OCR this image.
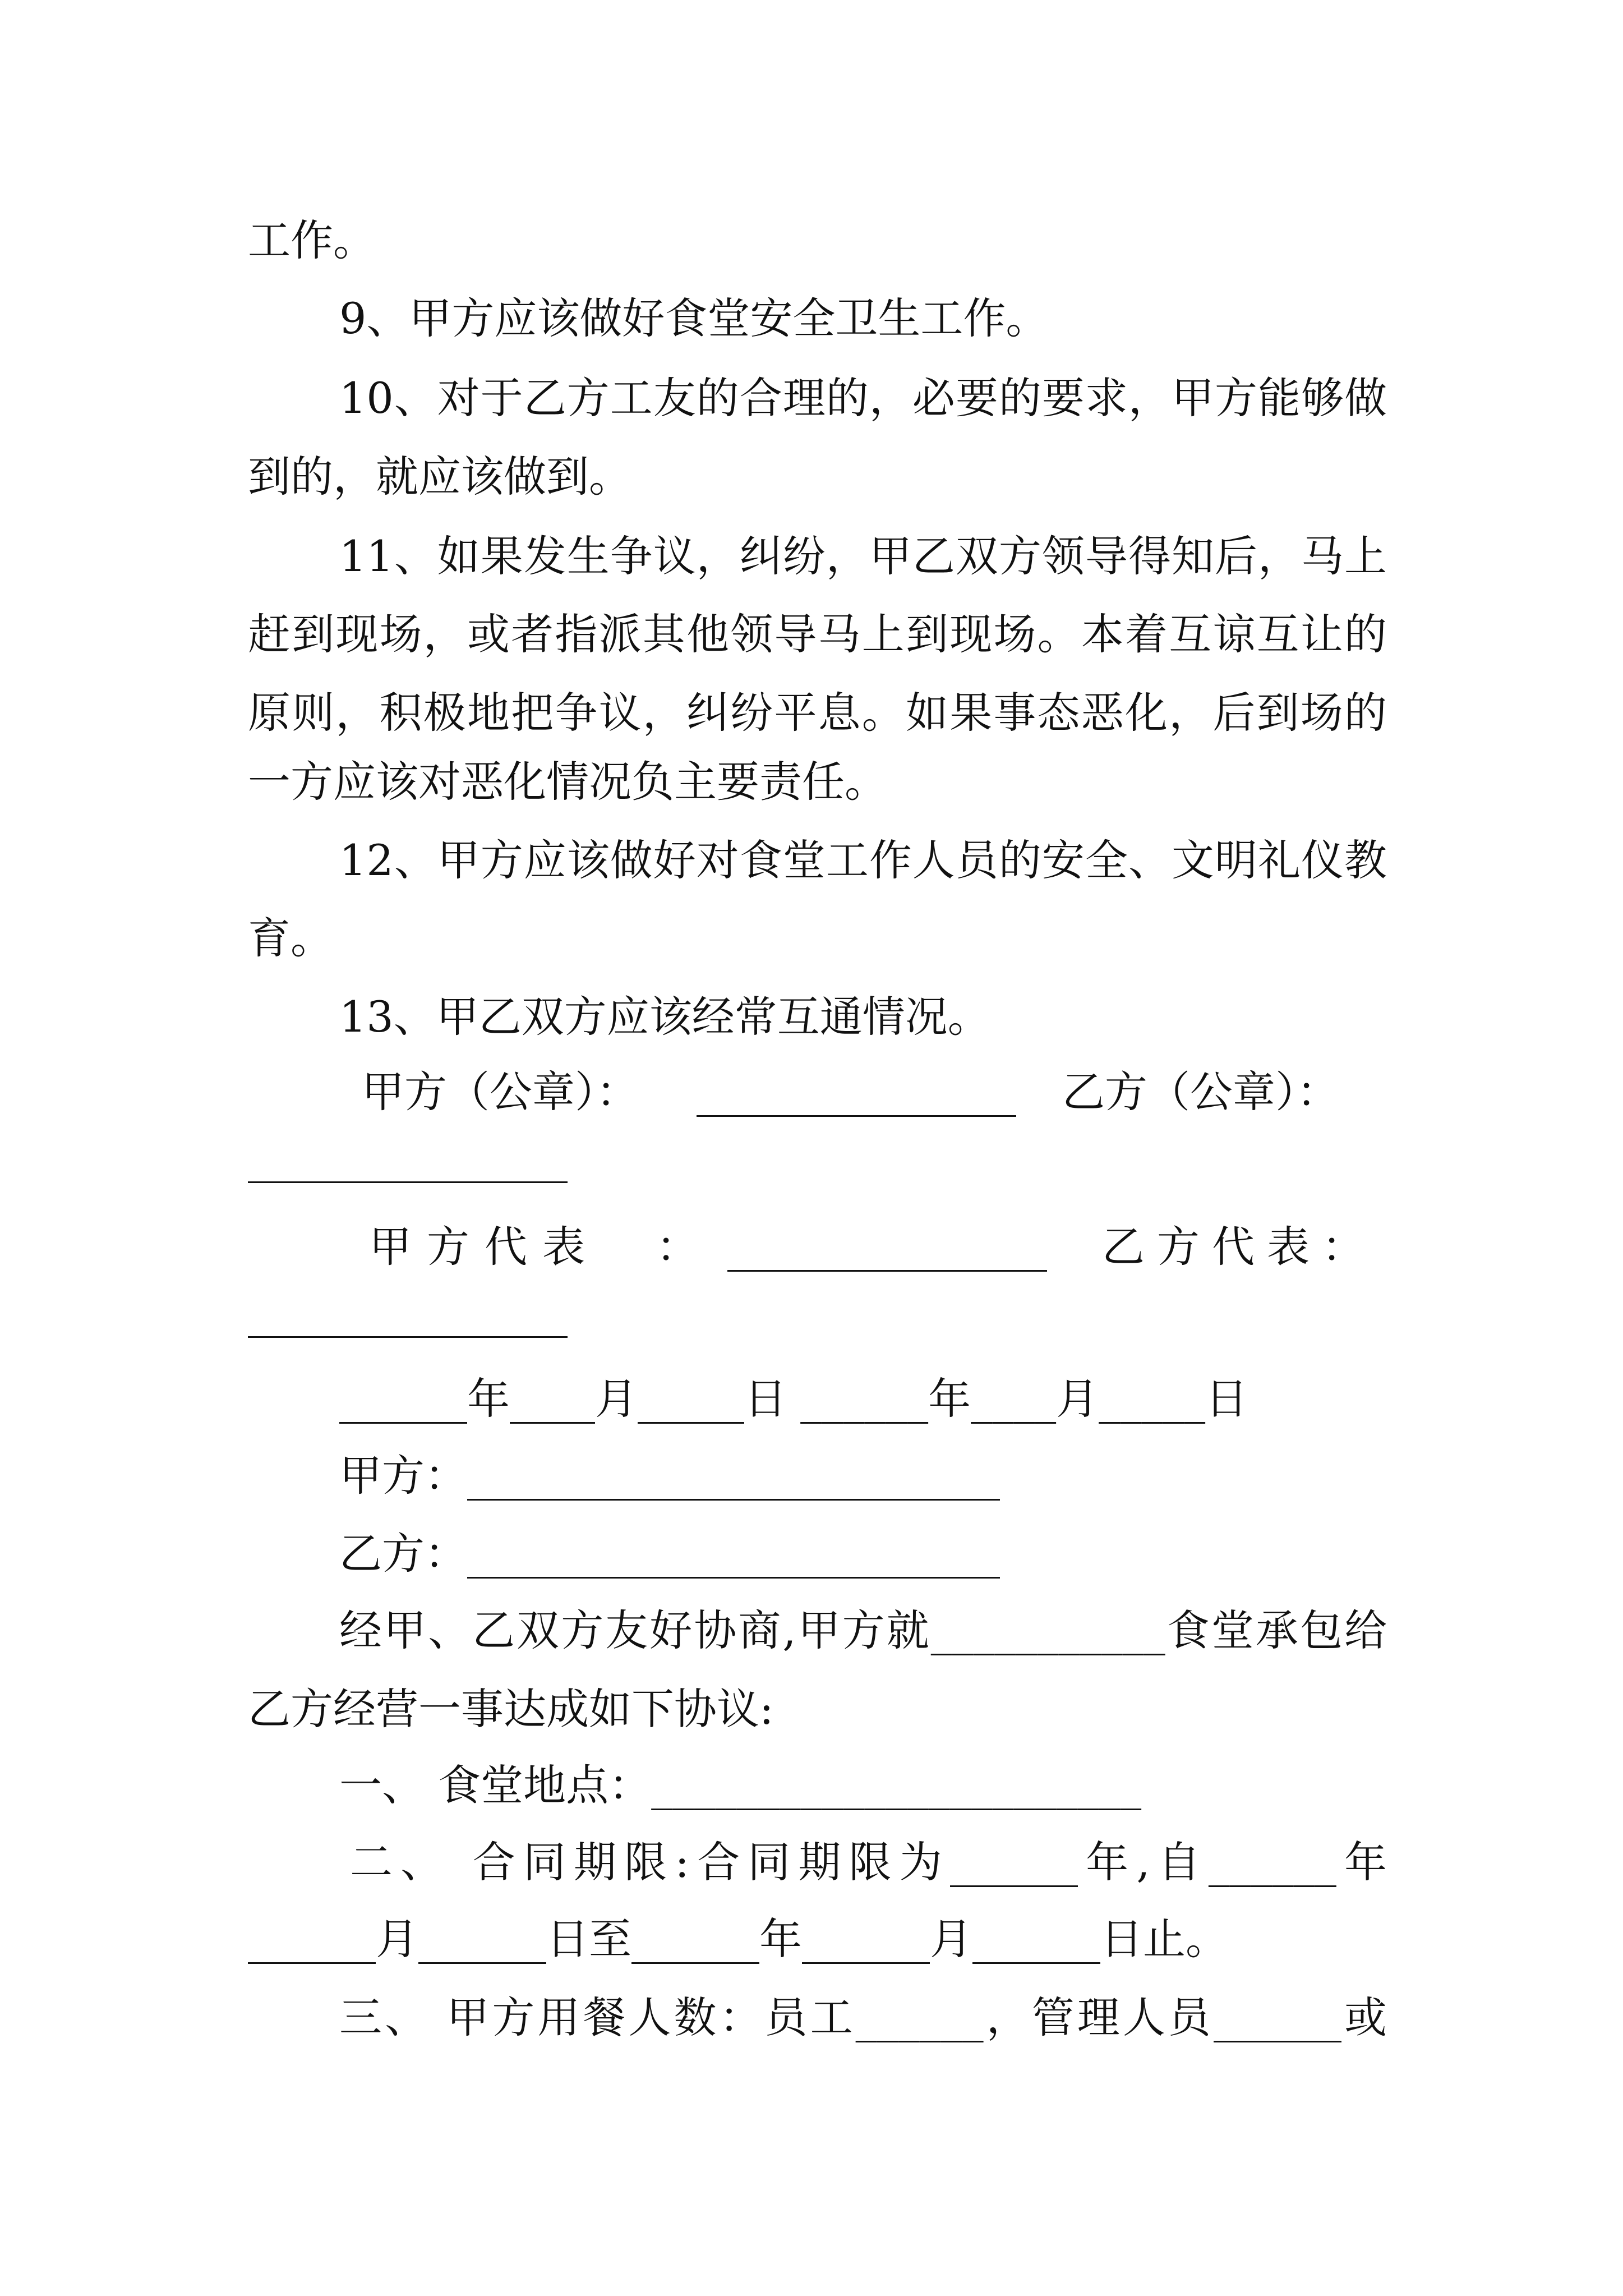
工作。
9、甲方应该做好食堂安全卫生工作。
10、对于乙方工友的合理的，必要的要求，甲方能够做
到的，就应该做到。
11、如果发生争议，纠纷，甲乙双方领导得知后，马上
赶到现场，或者指派其他领导马上到现场。本着互谅互让的
原则，积极地把争议，纠纷平息。如果事态恶化，后到场的
一方应该对恶化情况负主要责任。
12、甲方应该做好对食堂工作人员的安全、文明礼仪教
育。
13、甲乙双方应该经常互通情况。
甲方（公章）： _______________ 乙方（公章）：
_______________
甲方代表 ： _______________ 乙方代表：
_______________
______年____月_____日 ______年____月_____日
甲方：_________________________
乙方：_________________________
经甲、乙双方友好协商,甲方就___________食堂承包给
乙方经营一事达成如下协议:
一、 食堂地点：_______________________
二、 合同期限:合同期限为______年,自______年
______月______日至______年______月______日止。
三、 甲方用餐人数：员工______，管理人员______或
